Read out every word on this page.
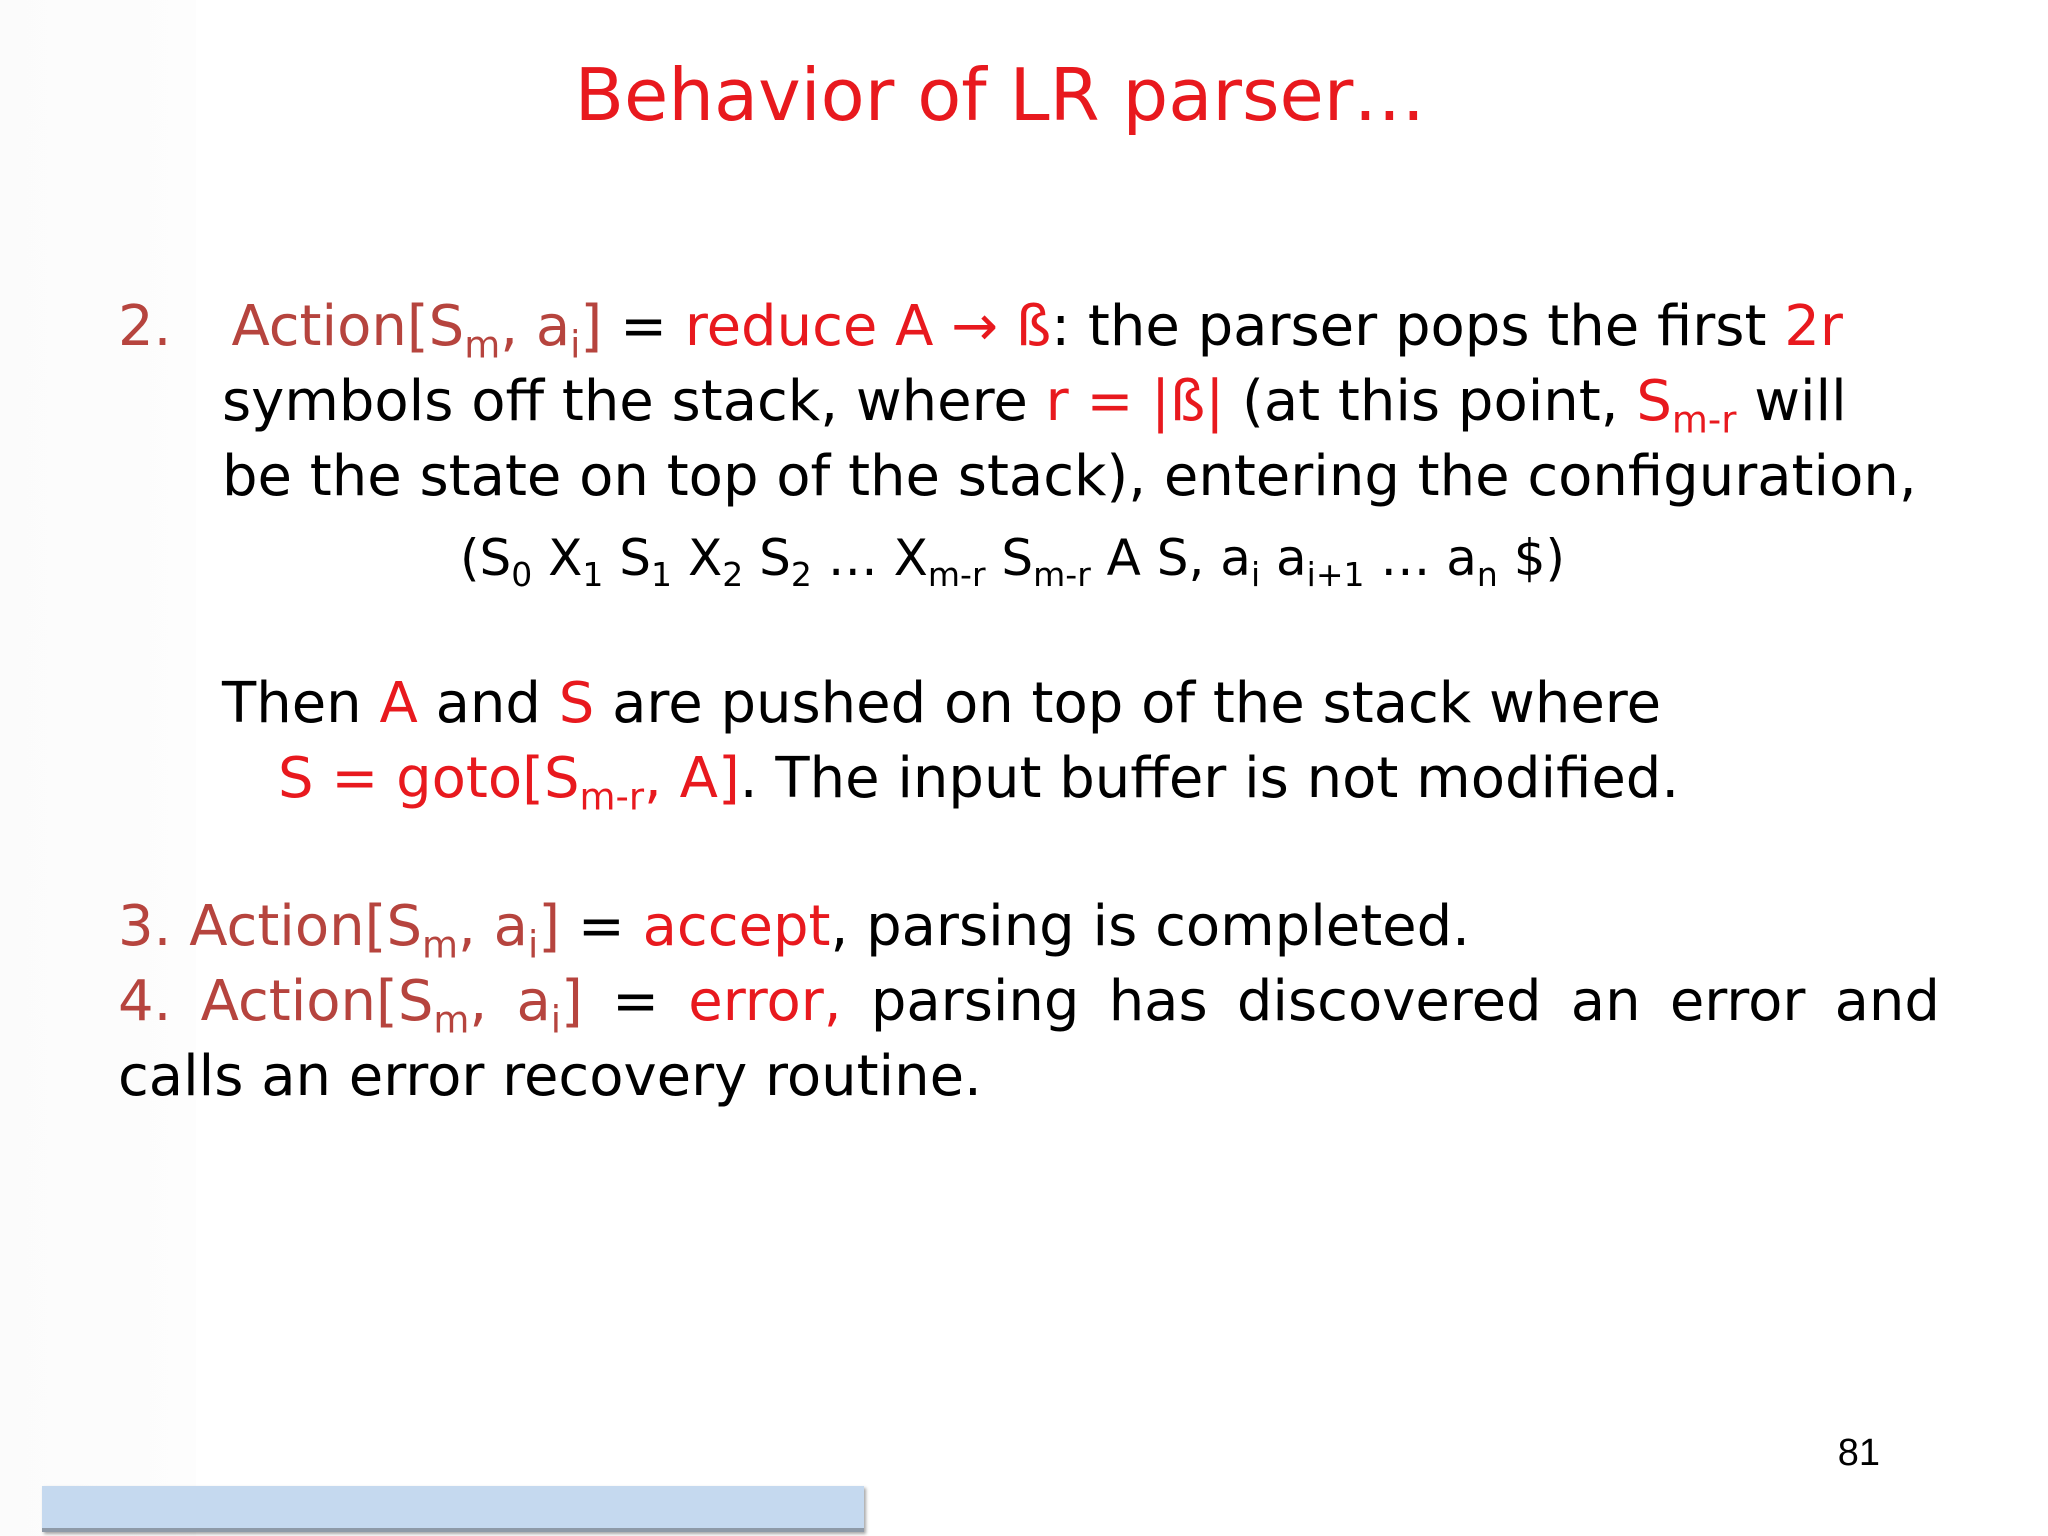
Behavior of LR parser…
2. $Action[S_m$, $a_i$] = reduce A → ß: the parser pops the first 2r
symbols off the stack, where r = |ß| (at this point, $S_{m-r}$ will
be the state on top of the stack), entering the configuration,
($S_0$ $X_1$ $S_1$ $X_2$ $S_2$ … $X_{m-r}$ $S_{m-r}$ A S, $a_i$ $a_{i+1}$ … $a_n$ $)
Then A and S are pushed on top of the stack where
$S = goto[S_{m-r}$, A]. The input buffer is not modified.
3. $Action[S_m$, $a_i$] = accept, parsing is completed.
4. $Action[S_m$, $a_i$] = error, parsing has discovered an error and
calls an error recovery routine.
81
